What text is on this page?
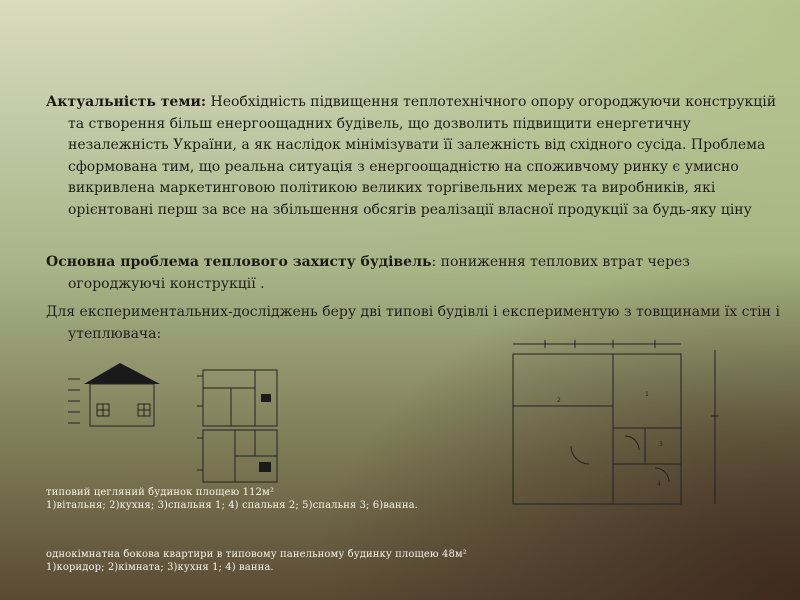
Актуальність теми: Необхідність підвищення теплотехнічного опору огороджуючи конструкцій та створення більш енергоощадних будівель, що дозволить підвищити енергетичну незалежність України, а як наслідок мінімізувати її залежність від східного сусіда. Проблема сформована тим, що реальна ситуація з енергоощадністю на споживчому ринку є умисно викривлена маркетинговою політикою великих торгівельних мереж та виробників, які орієнтовані перш за все на збільшення обсягів реалізації власної продукції за будь-яку ціну
Основна проблема теплового захисту будівель: пониження теплових втрат через огороджуючі конструкції .
Для експериментальних-досліджень беру дві типові будівлі і експериментую з товщинами їх стін і утеплювача:
2
1
3
4
типовий цегляний будинок площею 112м²
1)вітальня; 2)кухня; 3)спальня 1; 4) спальня 2; 5)спальня 3; 6)ванна.
однокімнатна бокова квартири в типовому панельному будинку площею 48м²
1)коридор; 2)кімната; 3)кухня 1; 4) ванна.
